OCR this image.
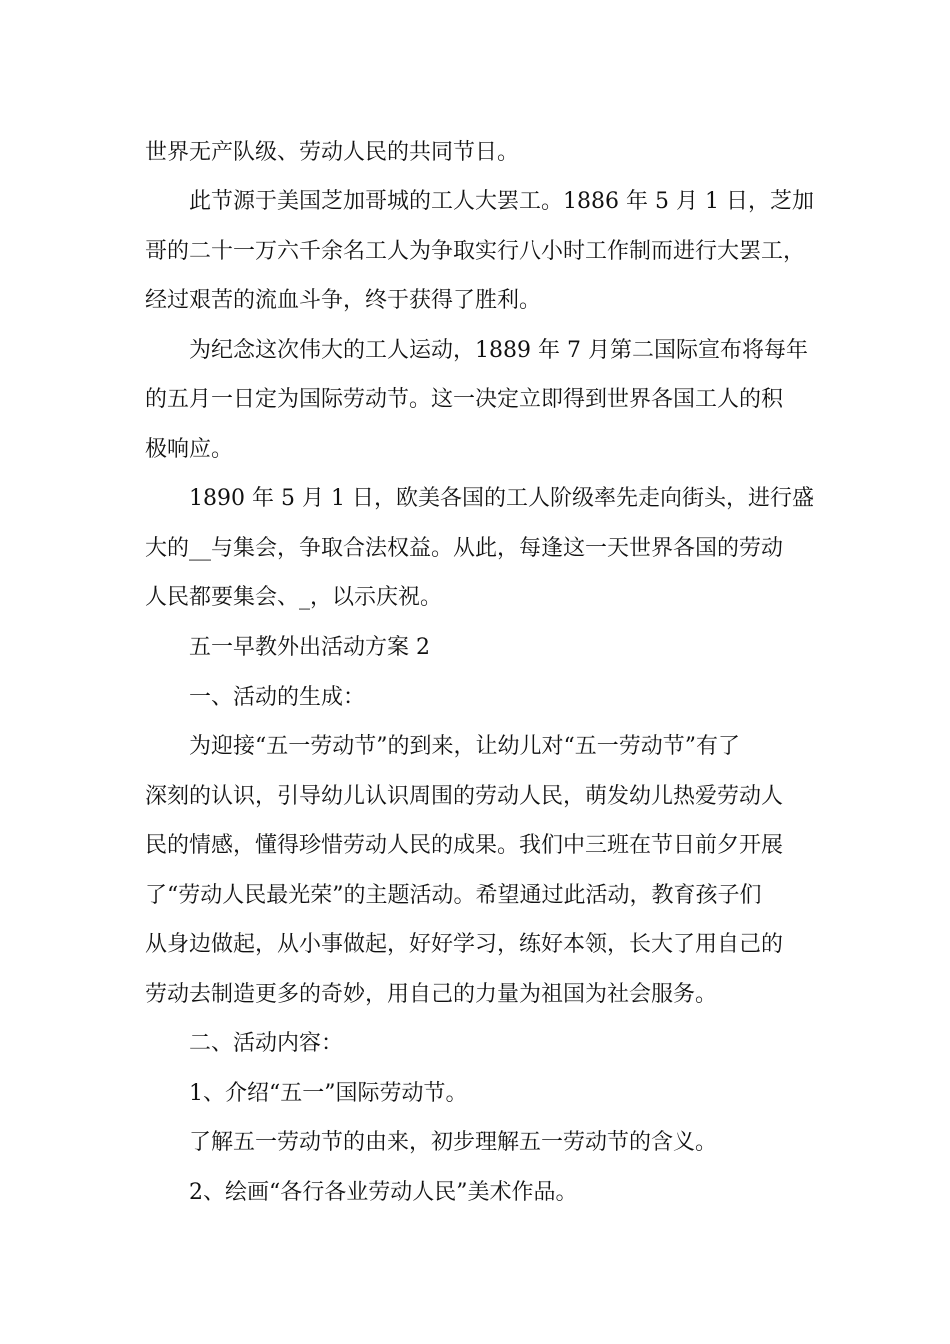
世界无产队级、劳动人民的共同节日。

此节源于美国芝加哥城的工人大罢工。1886 年 5 月 1 日，芝加

哥的二十一万六千余名工人为争取实行八小时工作制而进行大罢工，

经过艰苦的流血斗争，终于获得了胜利。

为纪念这次伟大的工人运动，1889 年 7 月第二国际宣布将每年

的五月一日定为国际劳动节。这一决定立即得到世界各国工人的积

极响应。

1890 年 5 月 1 日，欧美各国的工人阶级率先走向街头，进行盛

大的__与集会，争取合法权益。从此，每逢这一天世界各国的劳动

人民都要集会、_，以示庆祝。

五一早教外出活动方案 2

一、活动的生成：

为迎接“五一劳动节”的到来，让幼儿对“五一劳动节”有了

深刻的认识，引导幼儿认识周围的劳动人民，萌发幼儿热爱劳动人

民的情感，懂得珍惜劳动人民的成果。我们中三班在节日前夕开展

了“劳动人民最光荣”的主题活动。希望通过此活动，教育孩子们

从身边做起，从小事做起，好好学习，练好本领，长大了用自己的

劳动去制造更多的奇妙，用自己的力量为祖国为社会服务。

二、活动内容：

1、介绍“五一”国际劳动节。

了解五一劳动节的由来，初步理解五一劳动节的含义。

2、绘画“各行各业劳动人民”美术作品。
